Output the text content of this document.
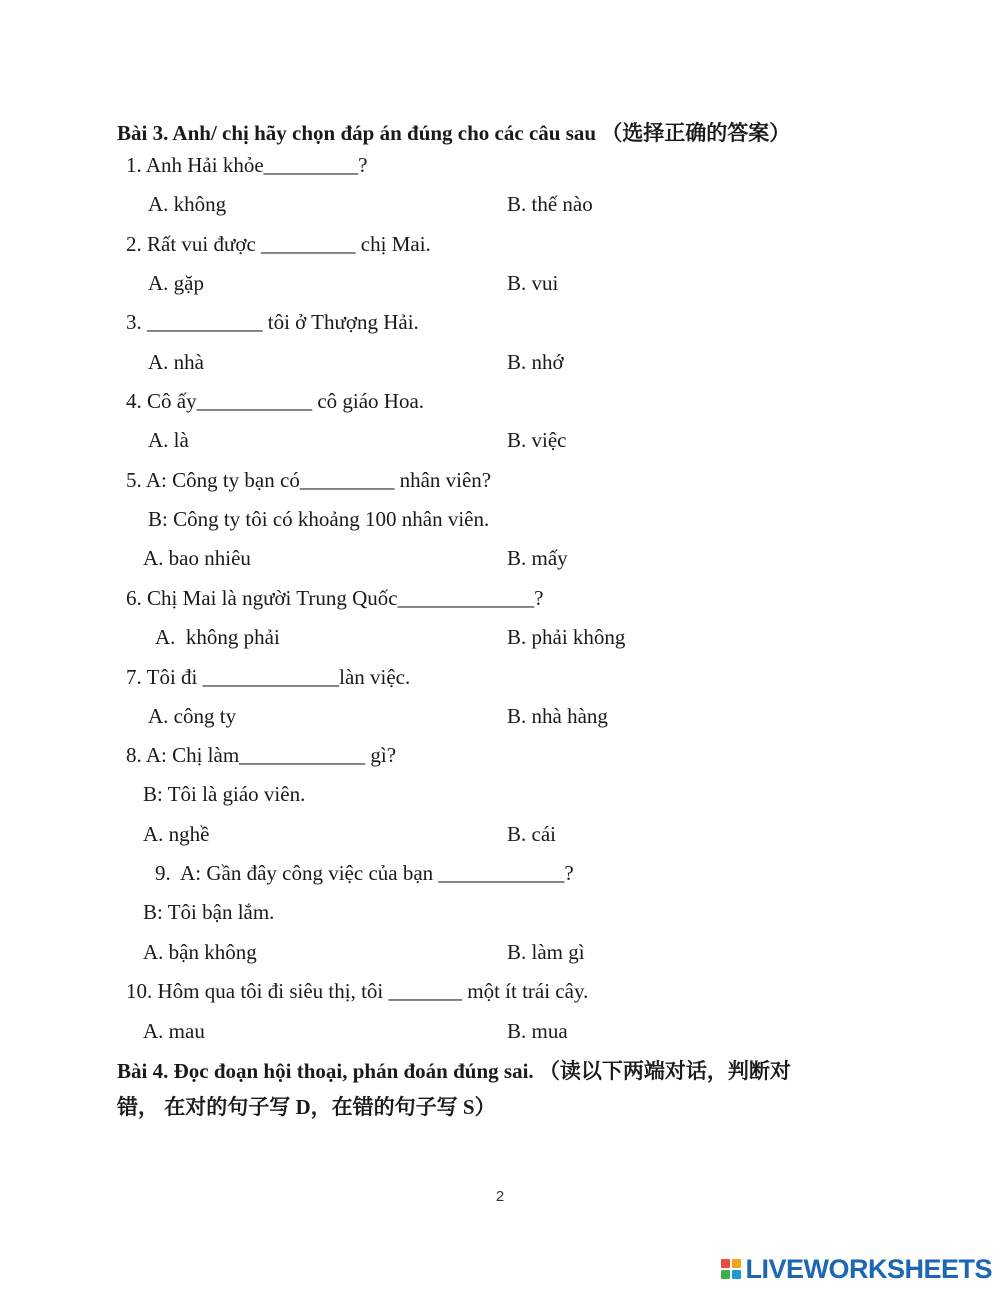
Bài 3. Anh/ chị hãy chọn đáp án đúng cho các câu sau （选择正确的答案）
1. Anh Hải khỏe_________?
A. không	B. thế nào
2. Rất vui được _________ chị Mai.
A. gặp	B. vui
3. ___________ tôi ở Thượng Hải.
A. nhà	B. nhớ
4. Cô ấy___________ cô giáo Hoa.
A. là	B. việc
5. A: Công ty bạn có_________ nhân viên?
B: Công ty tôi có khoảng 100 nhân viên.
A. bao nhiêu	B. mấy
6. Chị Mai là người Trung Quốc_____________?
A.  không phải	B. phải không
7. Tôi đi _____________làn việc.
A. công ty	B. nhà hàng
8. A: Chị làm____________ gì?
B: Tôi là giáo viên.
A. nghề	B. cái
9.  A: Gần đây công việc của bạn ____________?
B: Tôi bận lắm.
A. bận không	B. làm gì
10. Hôm qua tôi đi siêu thị, tôi _______ một ít trái cây.
A. mau	B. mua
Bài 4. Đọc đoạn hội thoại, phán đoán đúng sai. （读以下两端对话，判断对
错， 在对的句子写 D，在错的句子写 S）
2
LIVEWORKSHEETS
